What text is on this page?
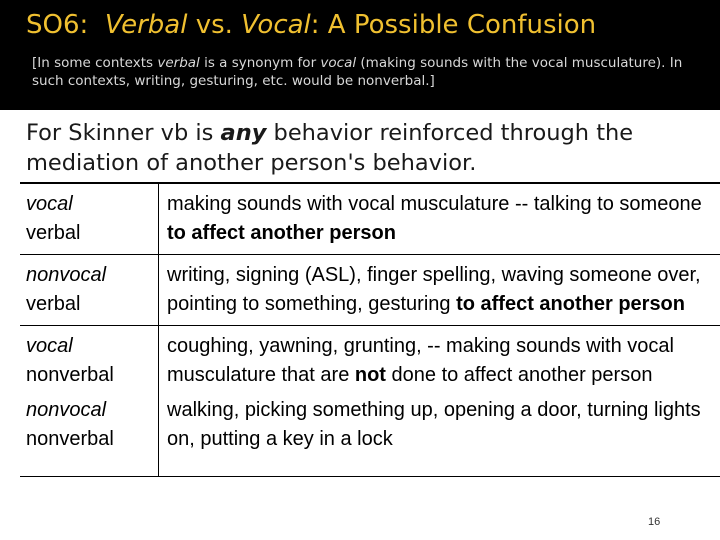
SO6: Verbal vs. Vocal: A Possible Confusion
[In some contexts verbal is a synonym for vocal (making sounds with the vocal musculature). In such contexts, writing, gesturing, etc. would be nonverbal.]
For Skinner vb is any behavior reinforced through the mediation of another person's behavior.
vocal
verbal	making sounds with vocal musculature -- talking to someone to affect another person
nonvocal
verbal	writing, signing (ASL), finger spelling, waving someone over, pointing to something, gesturing to affect another person
vocal
nonverbal	coughing, yawning, grunting, -- making sounds with vocal musculature that are not done to affect another person
nonvocal
nonverbal	walking, picking something up, opening a door, turning lights on, putting a key in a lock
16
